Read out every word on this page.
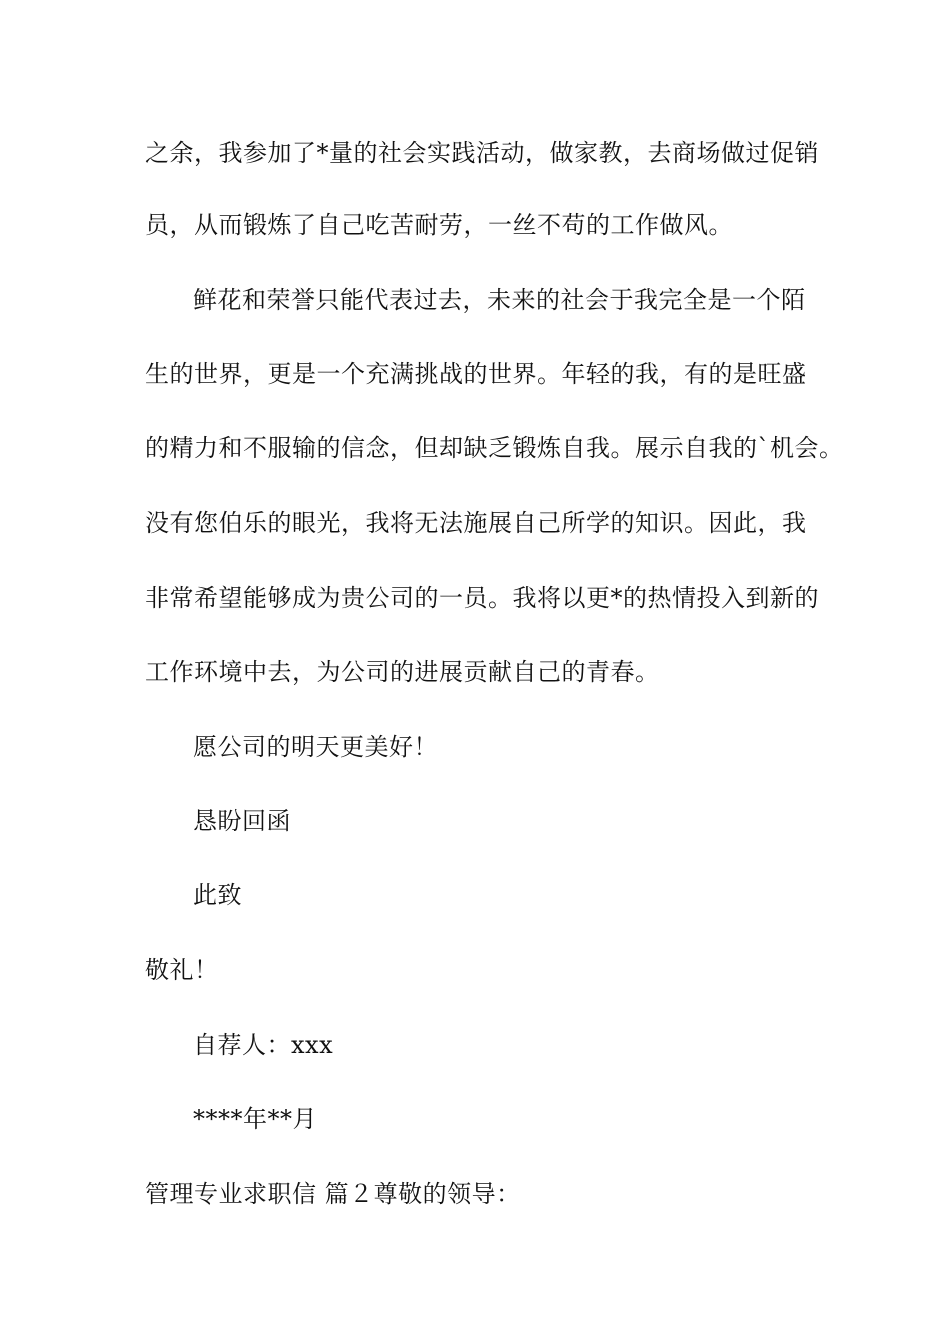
之余，我参加了*量的社会实践活动，做家教，去商场做过促销
员，从而锻炼了自己吃苦耐劳，一丝不苟的工作做风。
鲜花和荣誉只能代表过去，未来的社会于我完全是一个陌
生的世界，更是一个充满挑战的世界。年轻的我，有的是旺盛
的精力和不服输的信念，但却缺乏锻炼自我。展示自我的`机会。
没有您伯乐的眼光，我将无法施展自己所学的知识。因此，我
非常希望能够成为贵公司的一员。我将以更*的热情投入到新的
工作环境中去，为公司的进展贡献自己的青春。
愿公司的明天更美好！
恳盼回函
此致
敬礼！
自荐人：xxx
****年**月
管理专业求职信 篇２尊敬的领导：
